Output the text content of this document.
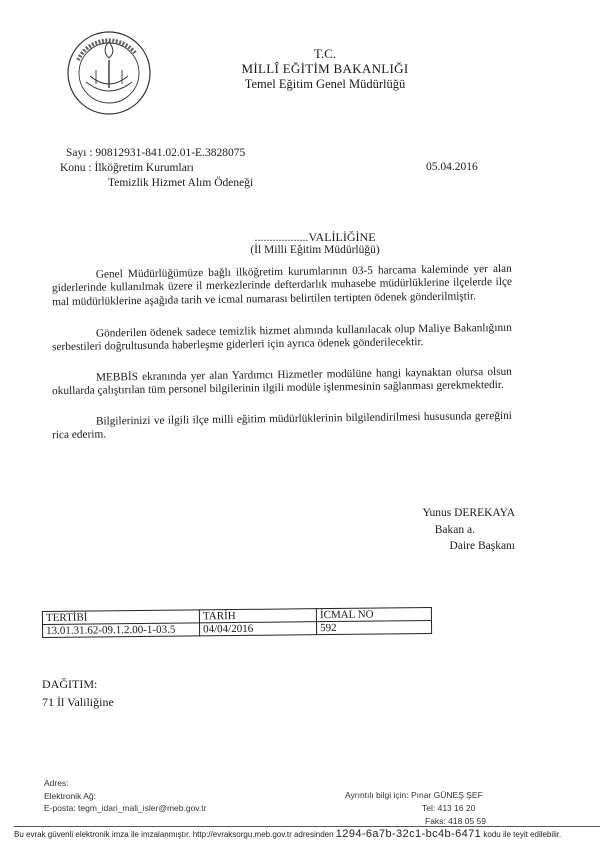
T.C.
MİLLÎ EĞİTİM BAKANLIĞI
Temel Eğitim Genel Müdürlüğü
Sayı : 90812931-841.02.01-E.3828075
Konu : İlköğretim Kurumları
Temizlik Hizmet Alım Ödeneği
05.04.2016
..................VALİLİĞİNE
(İl Milli Eğitim Müdürlüğü)
Genel Müdürlüğümüze bağlı ilköğretim kurumlarının 03-5 harcama kaleminde yer alan giderlerinde kullanılmak üzere il merkezlerinde defterdarlık muhasebe müdürlüklerine ilçelerde ilçe mal müdürlüklerine aşağıda tarih ve icmal numarası belirtilen tertipten ödenek gönderilmiştir.
Gönderilen ödenek sadece temizlik hizmet alımında kullanılacak olup Maliye Bakanlığının serbestileri doğrultusunda haberleşme giderleri için ayrıca ödenek gönderilecektir.
MEBBİS ekranında yer alan Yardımcı Hizmetler modülüne hangi kaynaktan olursa olsun okullarda çalıştırılan tüm personel bilgilerinin ilgili modüle işlenmesinin sağlanması gerekmektedir.
Bilgilerinizi ve ilgili ilçe milli eğitim müdürlüklerinin bilgilendirilmesi hususunda gereğini rica ederim.
Yunus DEREKAYA
Bakan a.
Daire Başkanı
TERTİBİ	TARİH	İCMAL NO
13.01.31.62-09.1.2.00-1-03.5	04/04/2016	592
DAĞITIM:
71 İl Valiliğine
Adres:
Elektronik Ağ:
E-posta: tegm_idari_mali_isler@meb.gov.tr
Ayrıntılı bilgi için: Pınar GÜNEŞ ŞEF
Tel: 413 16 20
Faks: 418 05 59
Bu evrak güvenli elektronik imza ile imzalanmıştır. http://evraksorgu.meb.gov.tr adresinden 1294-6a7b-32c1-bc4b-6471 kodu ile teyit edilebilir.
